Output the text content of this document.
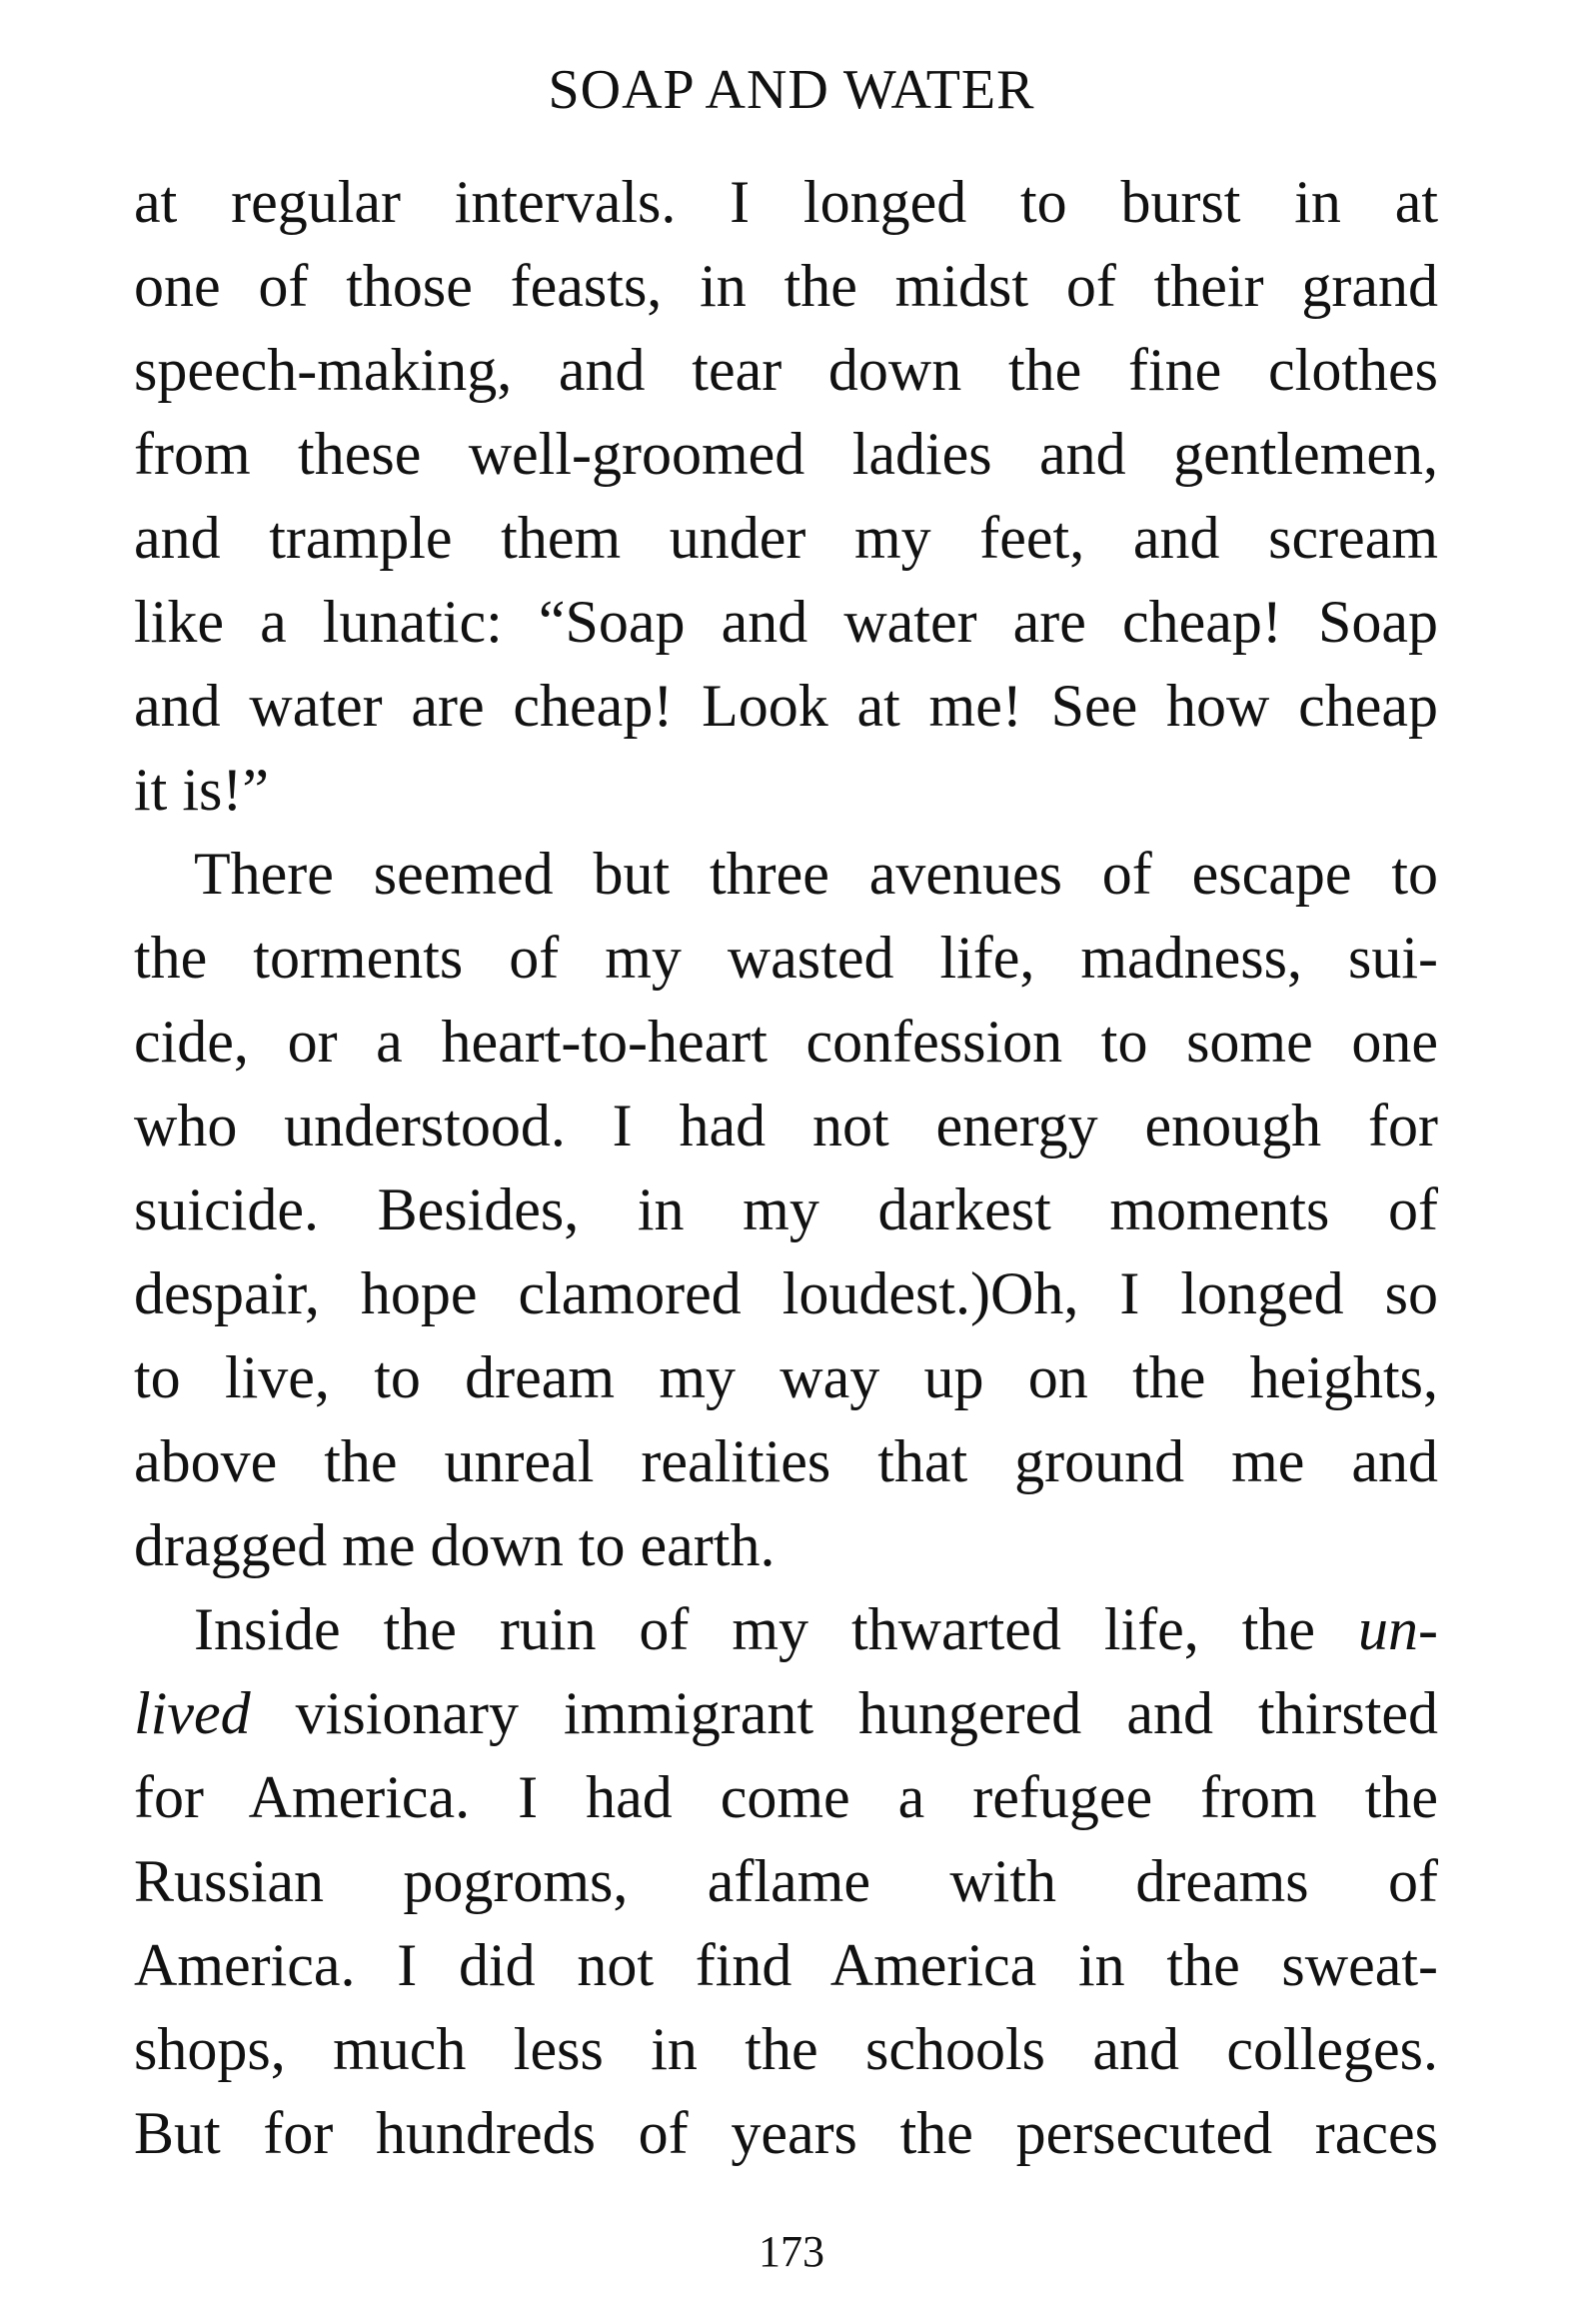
SOAP AND WATER
at regular intervals. I longed to burst in at
one of those feasts, in the midst of their grand
speech-making, and tear down the fine clothes
from these well-groomed ladies and gentlemen,
and trample them under my feet, and scream
like a lunatic: “Soap and water are cheap! Soap
and water are cheap! Look at me! See how cheap
it is!”
There seemed but three avenues of escape to
the torments of my wasted life, madness, sui-
cide, or a heart-to-heart confession to some one
who understood. I had not energy enough for
suicide. Besides, in my darkest moments of
despair, hope clamored loudest.)Oh, I longed so
to live, to dream my way up on the heights,
above the unreal realities that ground me and
dragged me down to earth.
Inside the ruin of my thwarted life, the un-
lived visionary immigrant hungered and thirsted
for America. I had come a refugee from the
Russian pogroms, aflame with dreams of
America. I did not find America in the sweat-
shops, much less in the schools and colleges.
But for hundreds of years the persecuted races
173
